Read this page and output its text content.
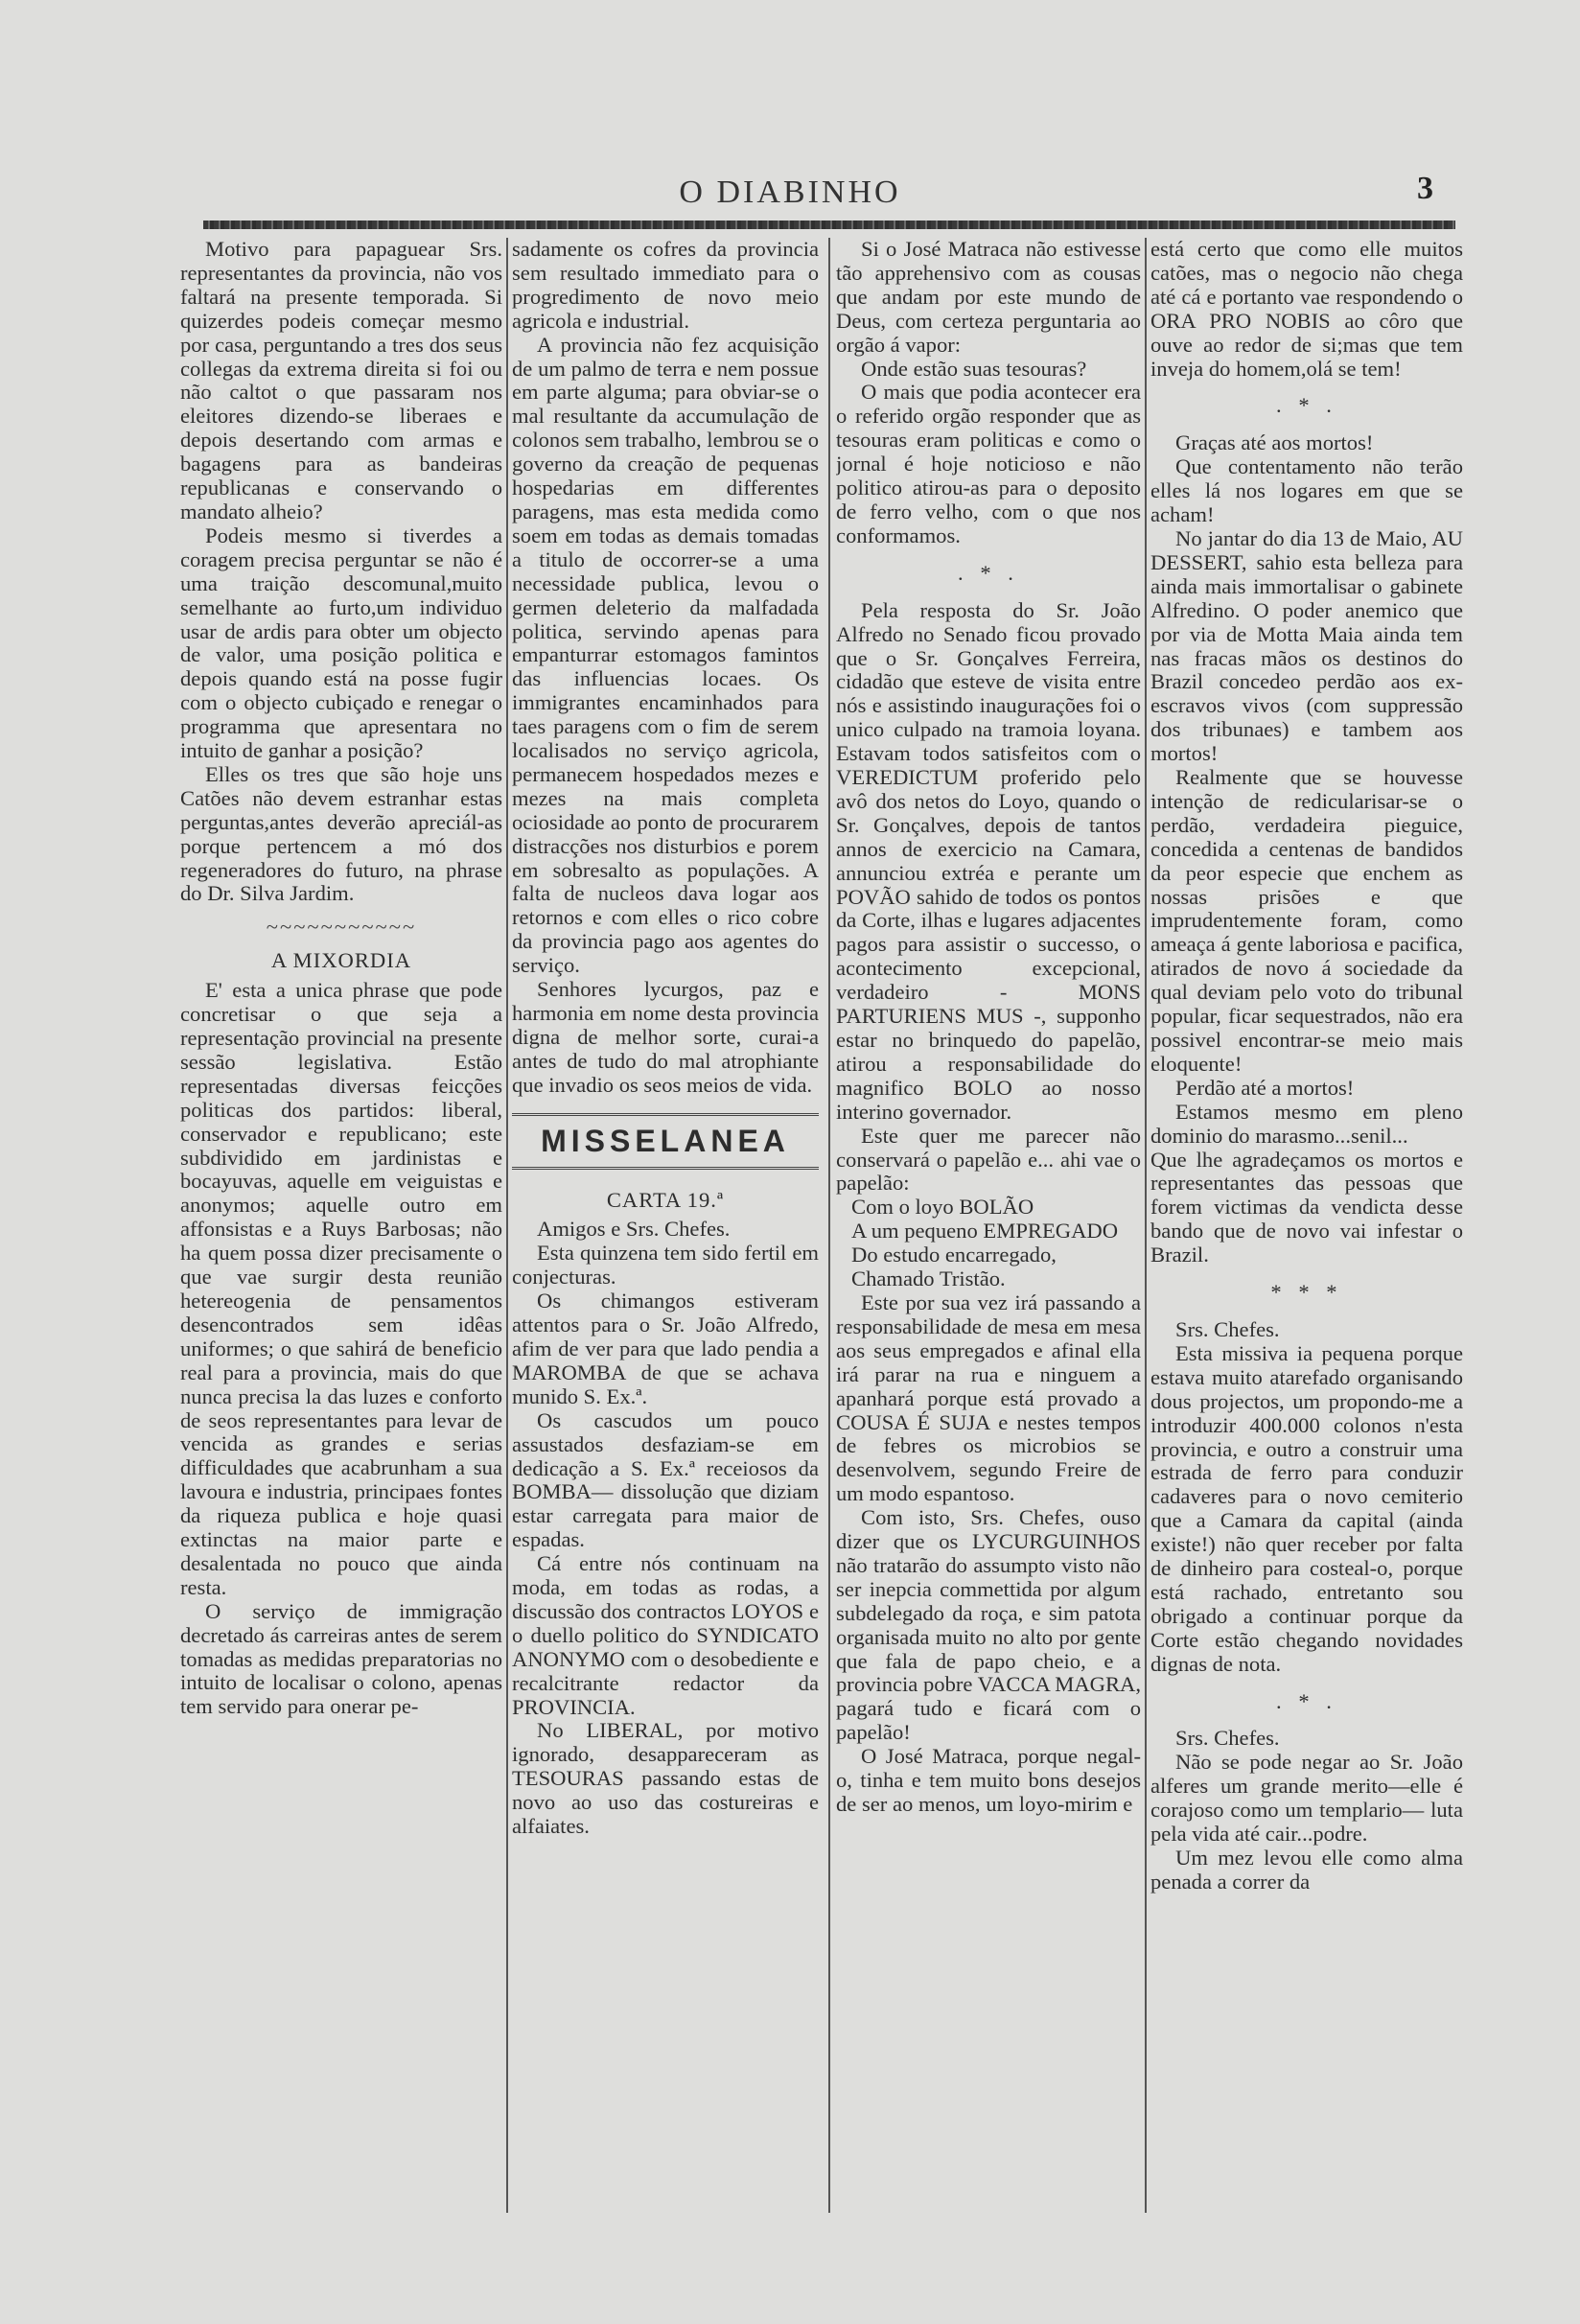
O DIABINHO	3

Motivo para papaguear Srs. representantes da provincia, não vos faltará na presente temporada. Si quizerdes podeis começar mesmo por casa, perguntando a tres dos seus collegas da extrema direita si foi ou não caltot o que passaram nos eleitores dizendo-se liberaes e depois desertando com armas e bagagens para as bandeiras republicanas e conservando o mandato alheio?

Podeis mesmo si tiverdes a coragem precisa perguntar se não é uma traição descomunal,muito semelhante ao furto,um individuo usar de ardis para obter um objecto de valor, uma posição politica e depois quando está na posse fugir com o objecto cubiçado e renegar o programma que apresentara no intuito de ganhar a posição?

Elles os tres que são hoje uns Catões não devem estranhar estas perguntas,antes deverão apreciál-as porque pertencem a mó dos regeneradores do futuro, na phrase do Dr. Silva Jardim.

~~~~~~~~~~~

A MIXORDIA

E' esta a unica phrase que pode concretisar o que seja a representação provincial na presente sessão legislativa. Estão representadas diversas feicções politicas dos partidos: liberal, conservador e republicano; este subdividido em jardinistas e bocayuvas, aquelle em veiguistas e anonymos; aquelle outro em affonsistas e a Ruys Barbosas; não ha quem possa dizer precisamente o que vae surgir desta reunião hetereogenia de pensamentos desencontrados sem idêas uniformes; o que sahirá de beneficio real para a provincia, mais do que nunca precisa la das luzes e conforto de seos representantes para levar de vencida as grandes e serias difficuldades que acabrunham a sua lavoura e industria, principaes fontes da riqueza publica e hoje quasi extinctas na maior parte e desalentada no pouco que ainda resta.

O serviço de immigração decretado ás carreiras antes de serem tomadas as medidas preparatorias no intuito de localisar o colono, apenas tem servido para onerar pe-

sadamente os cofres da provincia sem resultado immediato para o progredimento de novo meio agricola e industrial.

A provincia não fez acquisição de um palmo de terra e nem possue em parte alguma; para obviar-se o mal resultante da accumulação de colonos sem trabalho, lembrou se o governo da creação de pequenas hospedarias em differentes paragens, mas esta medida como soem em todas as demais tomadas a titulo de occorrer-se a uma necessidade publica, levou o germen deleterio da malfadada politica, servindo apenas para empanturrar estomagos famintos das influencias locaes. Os immigrantes encaminhados para taes paragens com o fim de serem localisados no serviço agricola, permanecem hospedados mezes e mezes na mais completa ociosidade ao ponto de procurarem distracções nos disturbios e porem em sobresalto as populações. A falta de nucleos dava logar aos retornos e com elles o rico cobre da provincia pago aos agentes do serviço.

Senhores lycurgos, paz e harmonia em nome desta provincia digna de melhor sorte, curai-a antes de tudo do mal atrophiante que invadio os seos meios de vida.

MISSELANEA

CARTA 19.ª

Amigos e Srs. Chefes.

Esta quinzena tem sido fertil em conjecturas.

Os chimangos estiveram attentos para o Sr. João Alfredo, afim de ver para que lado pendia a MAROMBA de que se achava munido S. Ex.ª.

Os cascudos um pouco assustados desfaziam-se em dedicação a S. Ex.ª receiosos da BOMBA— dissolução que diziam estar carregata para maior de espadas.

Cá entre nós continuam na moda, em todas as rodas, a discussão dos contractos LOYOS e o duello politico do SYNDICATO ANONYMO com o desobediente e recalcitrante redactor da PROVINCIA.

No LIBERAL, por motivo ignorado, desappareceram as TESOURAS passando estas de novo ao uso das costureiras e alfaiates.

Si o José Matraca não estivesse tão apprehensivo com as cousas que andam por este mundo de Deus, com certeza perguntaria ao orgão á vapor:

Onde estão suas tesouras?

O mais que podia acontecer era o referido orgão responder que as tesouras eram politicas e como o jornal é hoje noticioso e não politico atirou-as para o deposito de ferro velho, com o que nos conformamos.

. * .

Pela resposta do Sr. João Alfredo no Senado ficou provado que o Sr. Gonçalves Ferreira, cidadão que esteve de visita entre nós e assistindo inaugurações foi o unico culpado na tramoia loyana. Estavam todos satisfeitos com o VEREDICTUM proferido pelo avô dos netos do Loyo, quando o Sr. Gonçalves, depois de tantos annos de exercicio na Camara, annunciou extréa e perante um POVÃO sahido de todos os pontos da Corte, ilhas e lugares adjacentes pagos para assistir o successo, o acontecimento excepcional, verdadeiro - MONS PARTURIENS MUS -, supponho estar no brinquedo do papelão, atirou a responsabilidade do magnifico BOLO ao nosso interino governador.

Este quer me parecer não conservará o papelão e... ahi vae o papelão:

Com o loyo BOLÃO

A um pequeno EMPREGADO

Do estudo encarregado,

Chamado Tristão.

Este por sua vez irá passando a responsabilidade de mesa em mesa aos seus empregados e afinal ella irá parar na rua e ninguem a apanhará porque está provado a COUSA É SUJA e nestes tempos de febres os microbios se desenvolvem, segundo Freire de um modo espantoso.

Com isto, Srs. Chefes, ouso dizer que os LYCURGUINHOS não tratarão do assumpto visto não ser inepcia commettida por algum subdelegado da roça, e sim patota organisada muito no alto por gente que fala de papo cheio, e a provincia pobre VACCA MAGRA, pagará tudo e ficará com o papelão!

O José Matraca, porque negal-o, tinha e tem muito bons desejos de ser ao menos, um loyo-mirim e

está certo que como elle muitos catões, mas o negocio não chega até cá e portanto vae respondendo o ORA PRO NOBIS ao côro que ouve ao redor de si;mas que tem inveja do homem,olá se tem!

. * .

Graças até aos mortos!

Que contentamento não terão elles lá nos logares em que se acham!

No jantar do dia 13 de Maio, AU DESSERT, sahio esta belleza para ainda mais immortalisar o gabinete Alfredino. O poder anemico que por via de Motta Maia ainda tem nas fracas mãos os destinos do Brazil concedeo perdão aos ex-escravos vivos (com suppressão dos tribunaes) e tambem aos mortos!

Realmente que se houvesse intenção de redicularisar-se o perdão, verdadeira pieguice, concedida a centenas de bandidos da peor especie que enchem as nossas prisões e que imprudentemente foram, como ameaça á gente laboriosa e pacifica, atirados de novo á sociedade da qual deviam pelo voto do tribunal popular, ficar sequestrados, não era possivel encontrar-se meio mais eloquente!

Perdão até a mortos!

Estamos mesmo em pleno dominio do marasmo...senil...

Que lhe agradeçamos os mortos e representantes das pessoas que forem victimas da vendicta desse bando que de novo vai infestar o Brazil.

* * *

Srs. Chefes.

Esta missiva ia pequena porque estava muito atarefado organisando dous projectos, um propondo-me a introduzir 400.000 colonos n'esta provincia, e outro a construir uma estrada de ferro para conduzir cadaveres para o novo cemiterio que a Camara da capital (ainda existe!) não quer receber por falta de dinheiro para costeal-o, porque está rachado, entretanto sou obrigado a continuar porque da Corte estão chegando novidades dignas de nota.

. * .

Srs. Chefes.

Não se pode negar ao Sr. João alferes um grande merito—elle é corajoso como um templario— luta pela vida até cair...podre.

Um mez levou elle como alma penada a correr da
